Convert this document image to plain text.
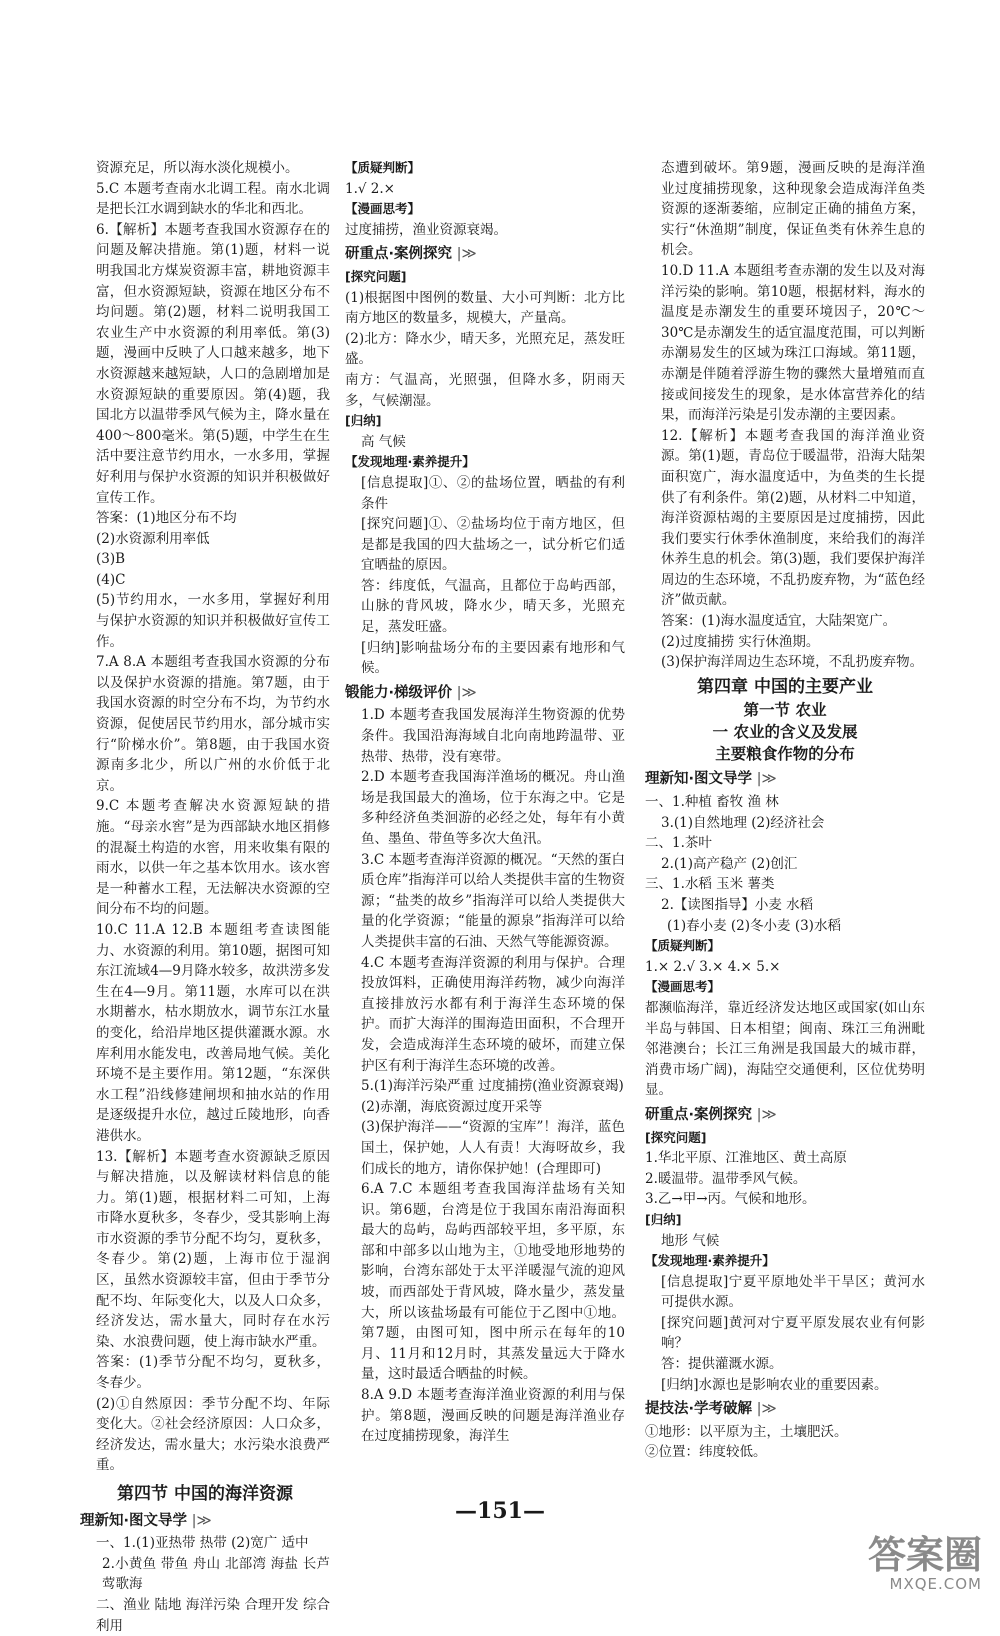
资源充足，所以海水淡化规模小。

5.C 本题考查南水北调工程。南水北调是把长江水调到缺水的华北和西北。

6.【解析】本题考查我国水资源存在的问题及解决措施。第(1)题，材料一说明我国北方煤炭资源丰富，耕地资源丰富，但水资源短缺，资源在地区分布不均问题。第(2)题，材料二说明我国工农业生产中水资源的利用率低。第(3)题，漫画中反映了人口越来越多，地下水资源越来越短缺，人口的急剧增加是水资源短缺的重要原因。第(4)题，我国北方以温带季风气候为主，降水量在400～800毫米。第(5)题，中学生在生活中要注意节约用水，一水多用，掌握好利用与保护水资源的知识并积极做好宣传工作。

答案：(1)地区分布不均

(2)水资源利用率低

(3)B

(4)C

(5)节约用水，一水多用，掌握好利用与保护水资源的知识并积极做好宣传工作。

7.A 8.A 本题组考查我国水资源的分布以及保护水资源的措施。第7题，由于我国水资源的时空分布不均，为节约水资源，促使居民节约用水，部分城市实行“阶梯水价”。第8题，由于我国水资源南多北少，所以广州的水价低于北京。

9.C 本题考查解决水资源短缺的措施。“母亲水窖”是为西部缺水地区捐修的混凝土构造的水窖，用来收集有限的雨水，以供一年之基本饮用水。该水窖是一种蓄水工程，无法解决水资源的空间分布不均的问题。

10.C 11.A 12.B 本题组考查读图能力、水资源的利用。第10题，据图可知东江流域4—9月降水较多，故洪涝多发生在4—9月。第11题，水库可以在洪水期蓄水，枯水期放水，调节东江水量的变化，给沿岸地区提供灌溉水源。水库利用水能发电，改善局地气候。美化环境不是主要作用。第12题，“东深供水工程”沿线修建闸坝和抽水站的作用是逐级提升水位，越过丘陵地形，向香港供水。

13.【解析】本题考查水资源缺乏原因与解决措施，以及解读材料信息的能力。第(1)题，根据材料二可知，上海市降水夏秋多，冬春少，受其影响上海市水资源的季节分配不均匀，夏秋多，冬春少。第(2)题，上海市位于湿润区，虽然水资源较丰富，但由于季节分配不均、年际变化大，以及人口众多，经济发达，需水量大，同时存在水污染、水浪费问题，使上海市缺水严重。

答案：(1)季节分配不均匀，夏秋多，冬春少。

(2)①自然原因：季节分配不均、年际变化大。②社会经济原因：人口众多，经济发达，需水量大；水污染水浪费严重。

第四节 中国的海洋资源
理新知·图文导学 |≫

一、1.(1)亚热带 热带 (2)宽广 适中

2.小黄鱼 带鱼 舟山 北部湾 海盐 长芦 莺歌海

二、渔业 陆地 海洋污染 合理开发 综合利用

【质疑判断】

1.√ 2.×

【漫画思考】

过度捕捞，渔业资源衰竭。

研重点·案例探究 |≫
[探究问题]

(1)根据图中图例的数量、大小可判断：北方比南方地区的数量多，规模大，产量高。

(2)北方：降水少，晴天多，光照充足，蒸发旺盛。

南方：气温高，光照强，但降水多，阴雨天多，气候潮湿。

[归纳]

高 气候

【发现地理·素养提升】

[信息提取]①、②的盐场位置，晒盐的有利条件

[探究问题]①、②盐场均位于南方地区，但是都是我国的四大盐场之一，试分析它们适宜晒盐的原因。

答：纬度低，气温高，且都位于岛屿西部，山脉的背风坡，降水少，晴天多，光照充足，蒸发旺盛。

[归纳]影响盐场分布的主要因素有地形和气候。

锻能力·梯级评价 |≫

1.D 本题考查我国发展海洋生物资源的优势条件。我国沿海海域自北向南地跨温带、亚热带、热带，没有寒带。

2.D 本题考查我国海洋渔场的概况。舟山渔场是我国最大的渔场，位于东海之中。它是多种经济鱼类洄游的必经之处，每年有小黄鱼、墨鱼、带鱼等多次大鱼汛。

3.C 本题考查海洋资源的概况。“天然的蛋白质仓库”指海洋可以给人类提供丰富的生物资源；“盐类的故乡”指海洋可以给人类提供大量的化学资源；“能量的源泉”指海洋可以给人类提供丰富的石油、天然气等能源资源。

4.C 本题考查海洋资源的利用与保护。合理投放饵料，正确使用海洋药物，减少向海洋直接排放污水都有利于海洋生态环境的保护。而扩大海洋的围海造田面积，不合理开发，会造成海洋生态环境的破坏，而建立保护区有利于海洋生态环境的改善。

5.(1)海洋污染严重 过度捕捞(渔业资源衰竭)

(2)赤潮，海底资源过度开采等

(3)保护海洋——“资源的宝库”！海洋，蓝色国土，保护她，人人有责！大海呀故乡，我们成长的地方，请你保护她！(合理即可)

6.A 7.C 本题组考查我国海洋盐场有关知识。第6题，台湾是位于我国东南沿海面积最大的岛屿，岛屿西部较平坦，多平原，东部和中部多以山地为主，①地受地形地势的影响，台湾东部处于太平洋暖湿气流的迎风坡，而西部处于背风坡，降水量少，蒸发量大，所以该盐场最有可能位于乙图中①地。第7题，由图可知，图中所示在每年的10月、11月和12月时，其蒸发量远大于降水量，这时最适合晒盐的时候。

8.A 9.D 本题考查海洋渔业资源的利用与保护。第8题，漫画反映的问题是海洋渔业存在过度捕捞现象，海洋生

态遭到破坏。第9题，漫画反映的是海洋渔业过度捕捞现象，这种现象会造成海洋鱼类资源的逐渐萎缩，应制定正确的捕鱼方案，实行“休渔期”制度，保证鱼类有休养生息的机会。

10.D 11.A 本题组考查赤潮的发生以及对海洋污染的影响。第10题，根据材料，海水的温度是赤潮发生的重要环境因子，20℃～30℃是赤潮发生的适宜温度范围，可以判断赤潮易发生的区域为珠江口海域。第11题，赤潮是伴随着浮游生物的骤然大量增殖而直接或间接发生的现象，是水体富营养化的结果，而海洋污染是引发赤潮的主要因素。

12.【解析】本题考查我国的海洋渔业资源。第(1)题，青岛位于暖温带，沿海大陆架面积宽广，海水温度适中，为鱼类的生长提供了有利条件。第(2)题，从材料二中知道，海洋资源枯竭的主要原因是过度捕捞，因此我们要实行休季休渔制度，来给我们的海洋休养生息的机会。第(3)题，我们要保护海洋周边的生态环境，不乱扔废弃物，为“蓝色经济”做贡献。

答案：(1)海水温度适宜，大陆架宽广。

(2)过度捕捞 实行休渔期。

(3)保护海洋周边生态环境，不乱扔废弃物。

第四章 中国的主要产业
第一节 农业
一 农业的含义及发展
主要粮食作物的分布
理新知·图文导学 |≫

一、1.种植 畜牧 渔 林

3.(1)自然地理 (2)经济社会

二、1.茶叶

2.(1)高产稳产 (2)创汇

三、1.水稻 玉米 薯类

2.【读图指导】小麦 水稻

(1)春小麦 (2)冬小麦 (3)水稻

【质疑判断】

1.× 2.√ 3.× 4.× 5.×

【漫画思考】

都濒临海洋，靠近经济发达地区或国家(如山东半岛与韩国、日本相望；闽南、珠江三角洲毗邻港澳台；长江三角洲是我国最大的城市群，消费市场广阔)，海陆空交通便利，区位优势明显。

研重点·案例探究 |≫
[探究问题]

1.华北平原、江淮地区、黄土高原

2.暖温带。温带季风气候。

3.乙→甲→丙。气候和地形。

[归纳]

地形 气候

【发现地理·素养提升】

[信息提取]宁夏平原地处半干旱区；黄河水可提供水源。

[探究问题]黄河对宁夏平原发展农业有何影响？

答：提供灌溉水源。

[归纳]水源也是影响农业的重要因素。

提技法·学考破解 |≫

①地形：以平原为主，土壤肥沃。

②位置：纬度较低。

—151—
答案圈
MXQE.COM
